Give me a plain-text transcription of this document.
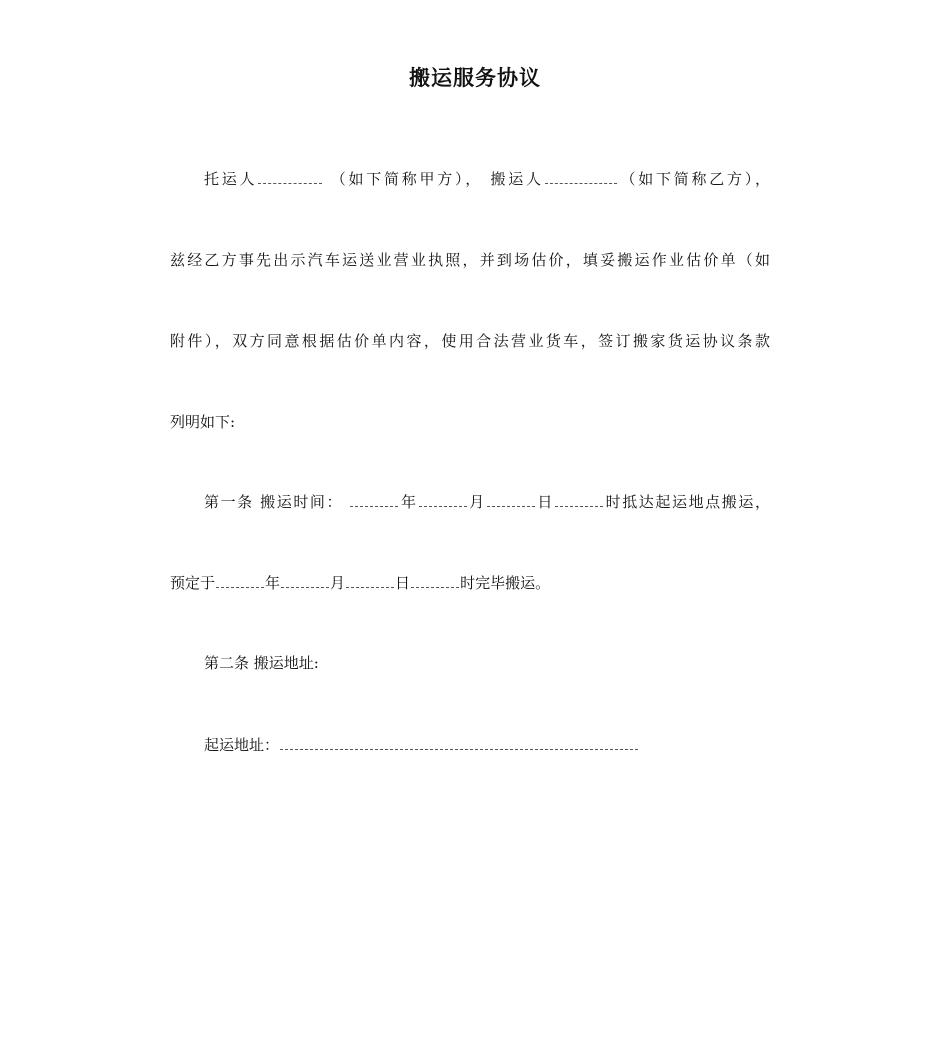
搬运服务协议
托运人	（如下简称甲方）， 搬运人	（如下简称乙方），
兹经乙方事先出示汽车运送业营业执照，并到场估价，填妥搬运作业估价单（如
附件），双方同意根据估价单内容，使用合法营业货车，签订搬家货运协议条款
列明如下:
第一条 搬运时间：	年	月	日	时抵达起运地点搬运，
预定于	年	月	日	时完毕搬运。
第二条 搬运地址:
起运地址：
